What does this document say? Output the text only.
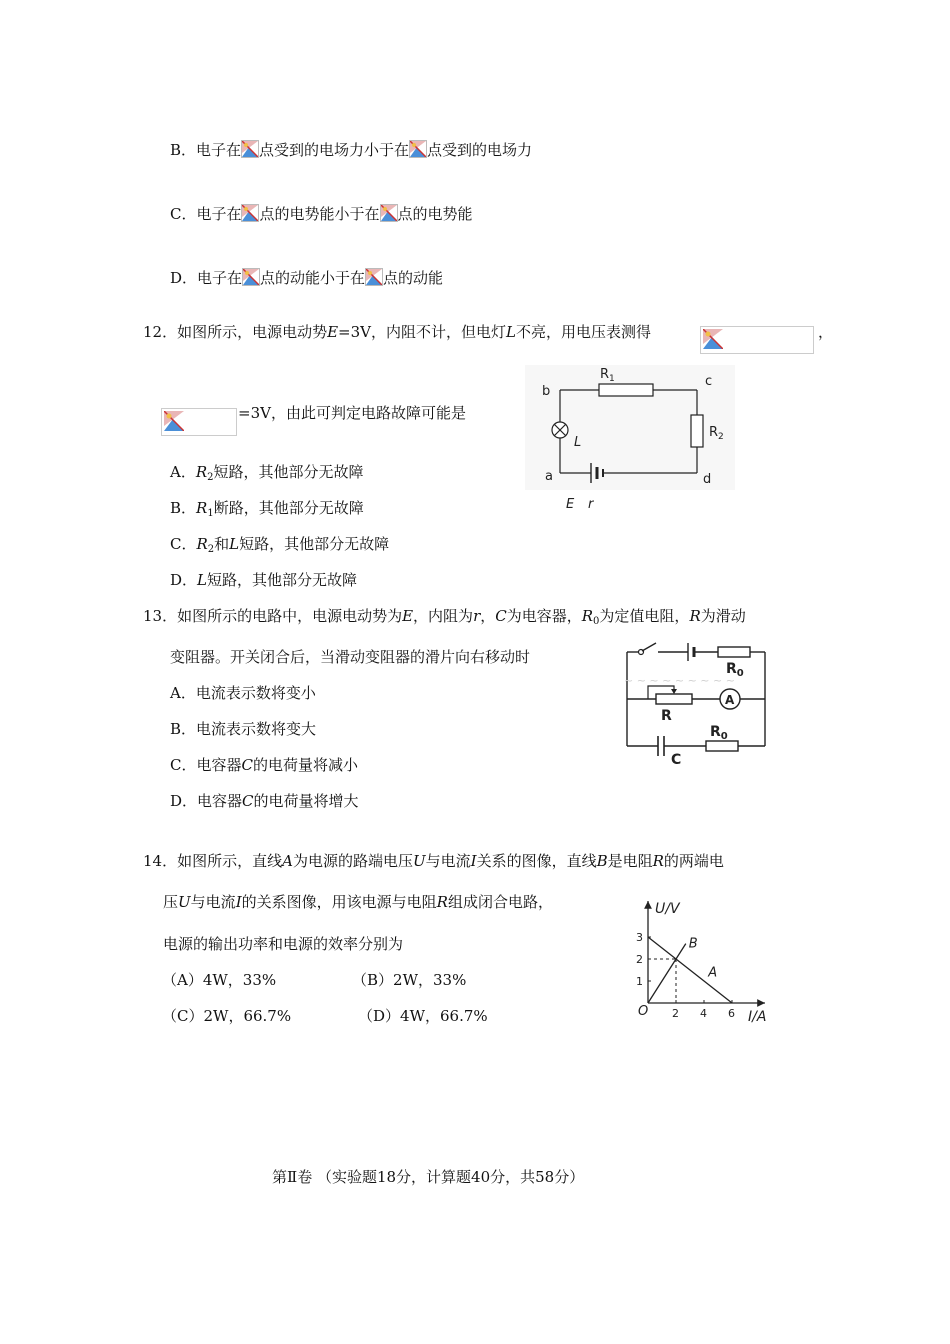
B．电子在 点受到的电场力小于在 点受到的电场力
C．电子在 点的电势能小于在 点的电势能
D．电子在 点的动能小于在 点的动能
12．如图所示，电源电动势E=3V，内阻不计，但电灯L不亮，用电压表测得	，
=3V，由此可判定电路故障可能是
A．$R_2$短路，其他部分无故障
B．$R_1$断路，其他部分无故障
C．$R_2$和L短路，其他部分无故障
D．L短路，其他部分无故障
b
c
a	d
$R_1$
$R_2$
L
E r
13．如图所示的电路中，电源电动势为E，内阻为r，C为电容器，$R_0$为定值电阻，R为滑动
变阻器。开关闭合后，当滑动变阻器的滑片向右移动时
A．电流表示数将变小
B．电流表示数将变大
C．电容器C的电荷量将减小
D．电容器C的电荷量将增大
~ ~ ~ ~ ~ ~ ~ ~ ~
$R_0$
R
A
$R_0$
C
14．如图所示，直线A为电源的路端电压U与电流I关系的图像，直线B是电阻R的两端电
压U与电流I的关系图像，用该电源与电阻R组成闭合电路，
电源的输出功率和电源的效率分别为
（A）4W，33%	（B）2W，33%
（C）2W，66.7%	（D）4W，66.7%
U/V
I/A
O 2 4 6
1
2
3
A
B
第Ⅱ卷 （实验题18分，计算题40分，共58分）
